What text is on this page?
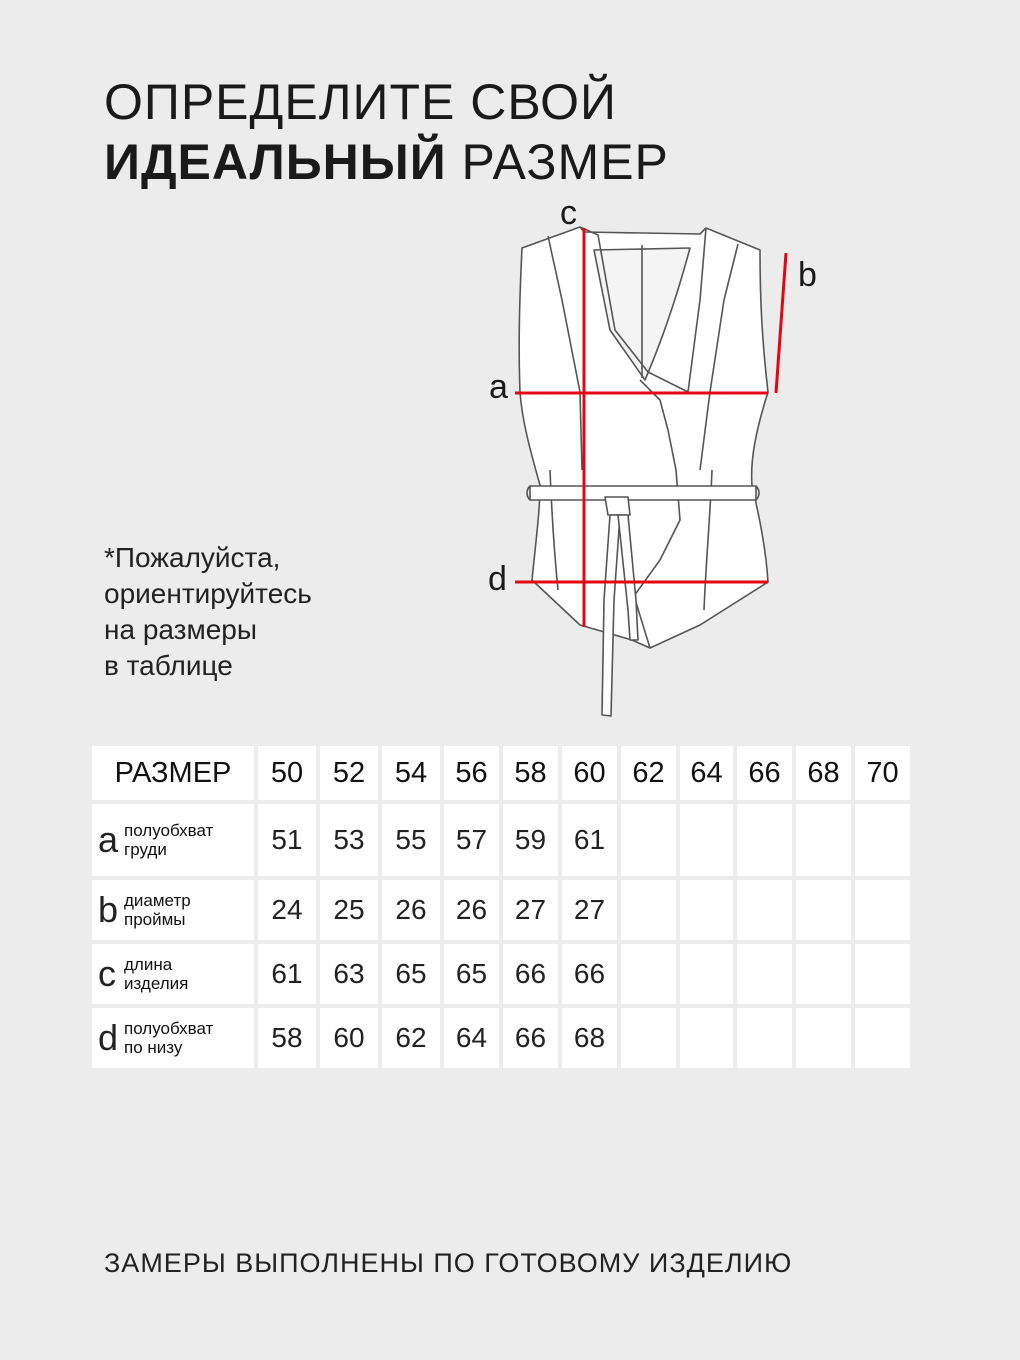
ОПРЕДЕЛИТЕ СВОЙ
ИДЕАЛЬНЫЙ РАЗМЕР
*Пожалуйста,
ориентируйтесь
на размеры
в таблице
a
b
c
d
РАЗМЕР	50	52	54	56	58	60	62	64	66	68	70

a полуобхват
груди	51	53	55	57	59	61					

b диаметр
проймы	24	25	26	26	27	27					

c длина
изделия	61	63	65	65	66	66					

d полуобхват
по низу	58	60	62	64	66	68					
ЗАМЕРЫ ВЫПОЛНЕНЫ ПО ГОТОВОМУ ИЗДЕЛИЮ
